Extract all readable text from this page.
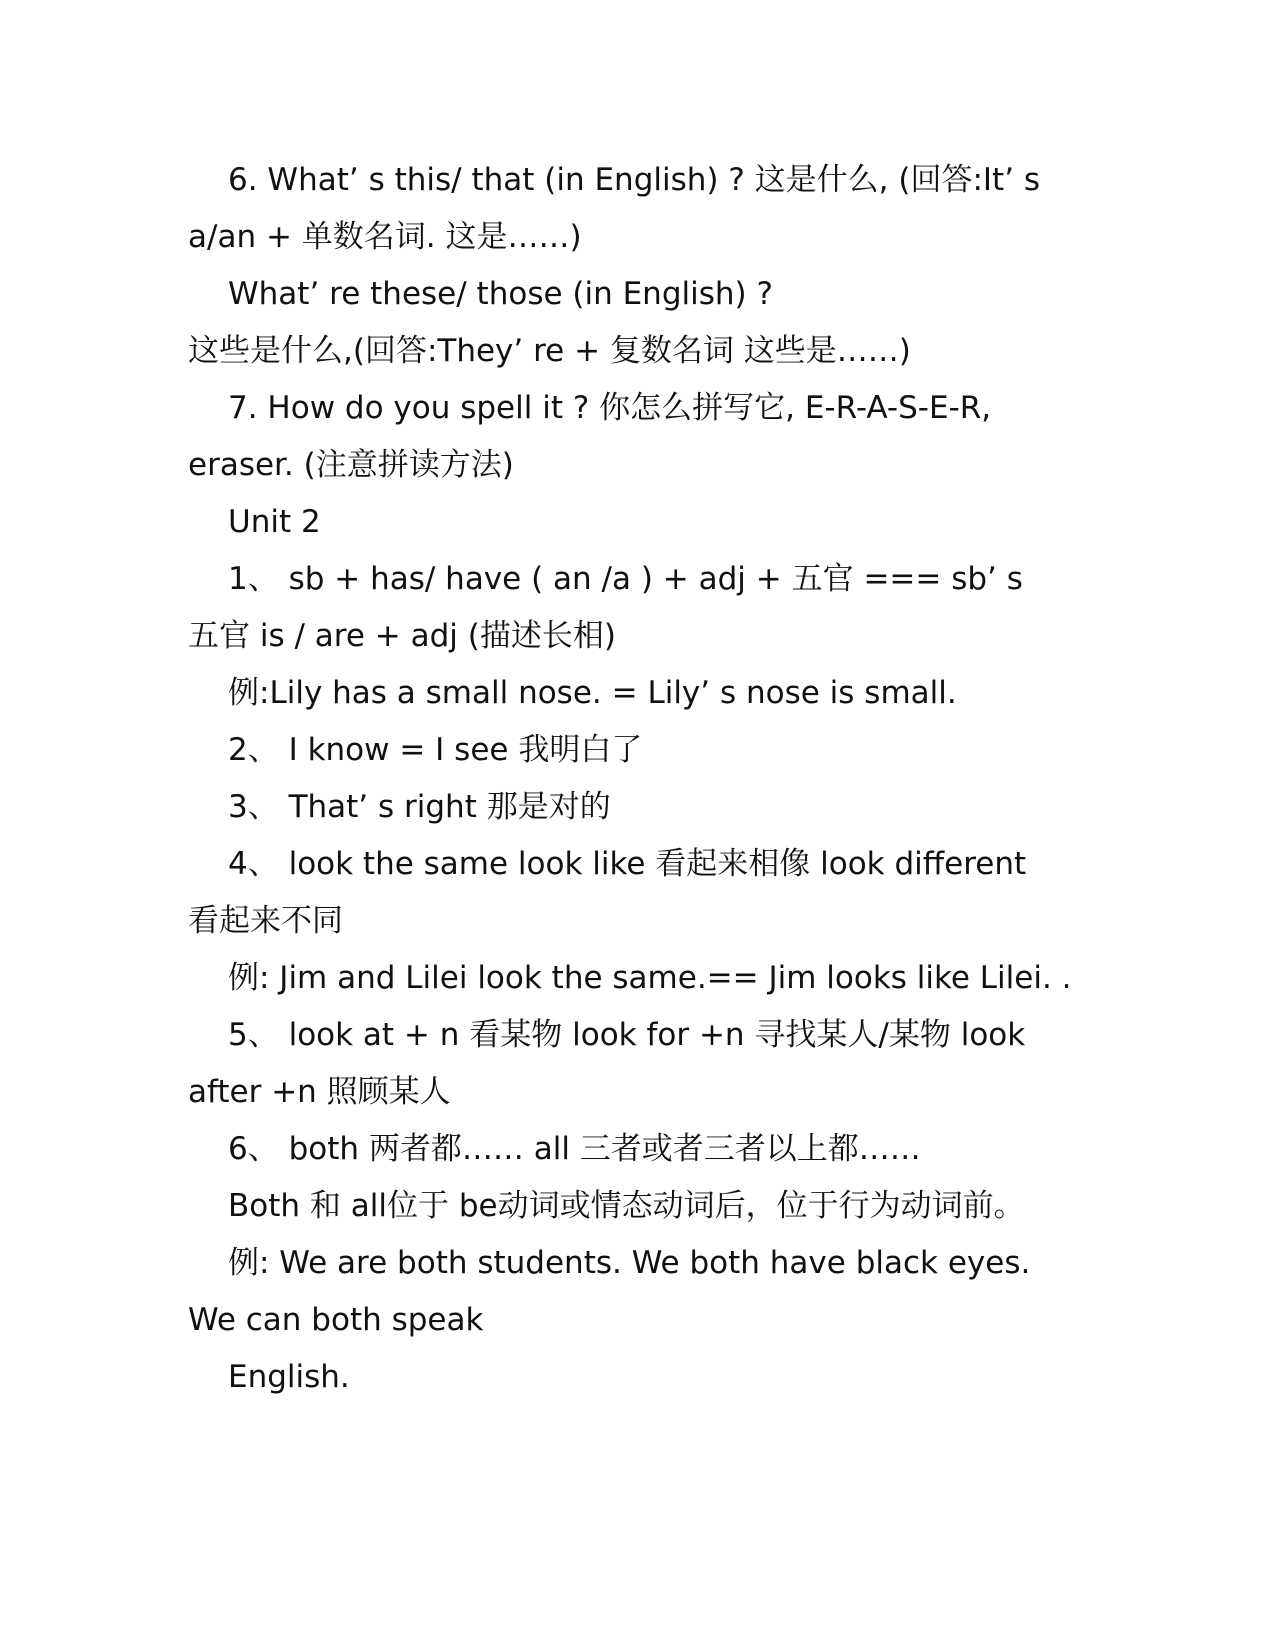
6. What’ s this/ that (in English) ? 这是什么, (回答:It’ s
a/an + 单数名词. 这是……)
What’ re these/ those (in English) ?
这些是什么,(回答:They’ re + 复数名词 这些是……)
7. How do you spell it ? 你怎么拼写它, E-R-A-S-E-R,
eraser. (注意拼读方法)
Unit 2
1、 sb + has/ have ( an /a ) + adj + 五官 === sb’ s
五官 is / are + adj (描述长相)
例:Lily has a small nose. = Lily’ s nose is small.
2、 I know = I see 我明白了
3、 That’ s right 那是对的
4、 look the same look like 看起来相像 look different
看起来不同
例: Jim and Lilei look the same.== Jim looks like Lilei. .
5、 look at + n 看某物 look for +n 寻找某人/某物 look
after +n 照顾某人
6、 both 两者都…… all 三者或者三者以上都……
Both 和 all位于 be动词或情态动词后，位于行为动词前。
例: We are both students. We both have black eyes.
We can both speak
English.
